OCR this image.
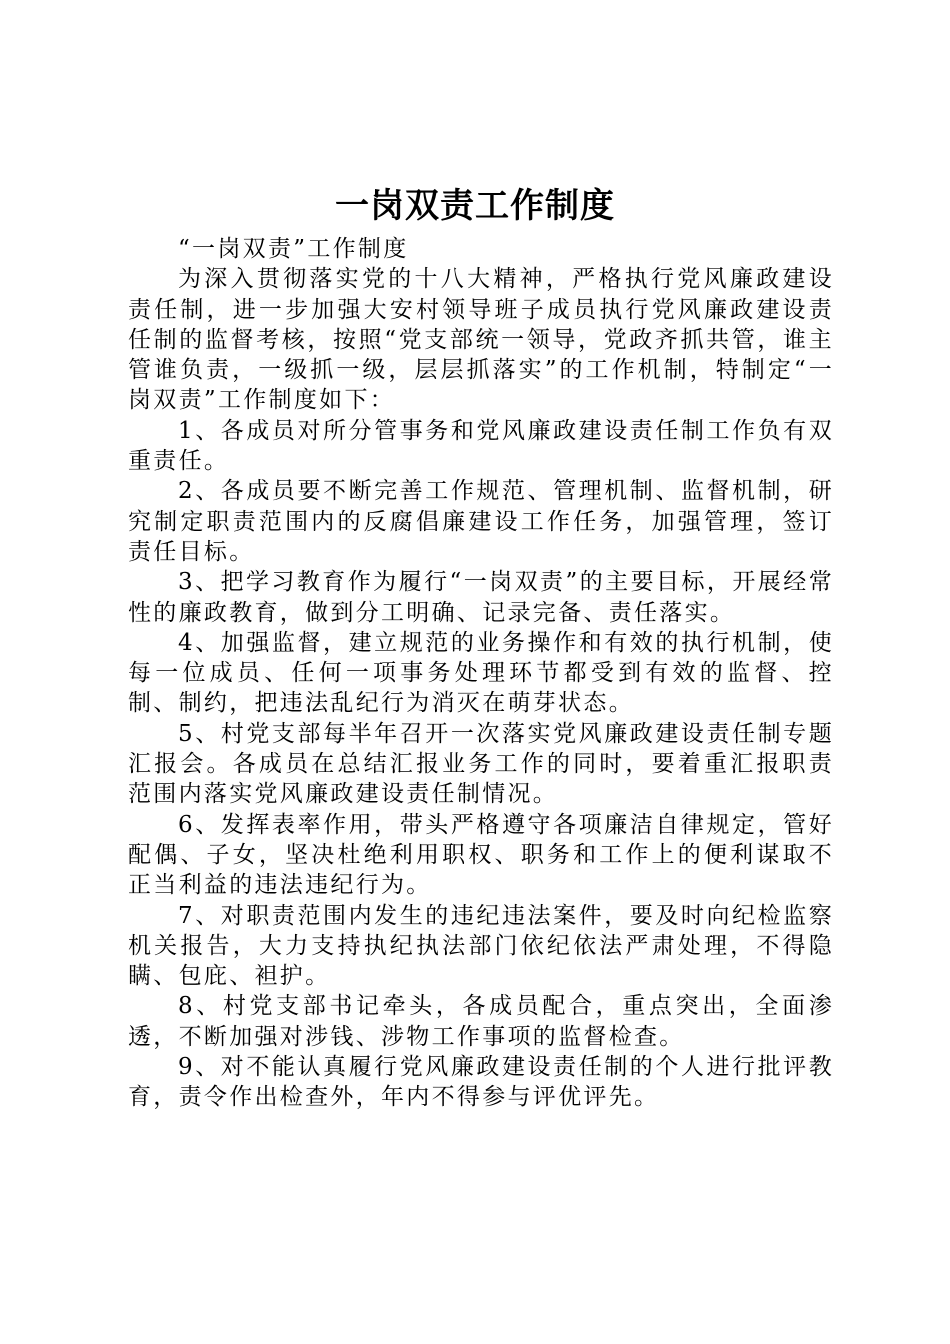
一岗双责工作制度

“一岗双责”工作制度

为深入贯彻落实党的十八大精神，严格执行党风廉政建设责任制，进一步加强大安村领导班子成员执行党风廉政建设责任制的监督考核，按照“党支部统一领导，党政齐抓共管，谁主管谁负责，一级抓一级，层层抓落实”的工作机制，特制定“一岗双责”工作制度如下：

1、各成员对所分管事务和党风廉政建设责任制工作负有双重责任。

2、各成员要不断完善工作规范、管理机制、监督机制，研究制定职责范围内的反腐倡廉建设工作任务，加强管理，签订责任目标。

3、把学习教育作为履行“一岗双责”的主要目标，开展经常性的廉政教育，做到分工明确、记录完备、责任落实。

4、加强监督，建立规范的业务操作和有效的执行机制，使每一位成员、任何一项事务处理环节都受到有效的监督、控制、制约，把违法乱纪行为消灭在萌芽状态。

5、村党支部每半年召开一次落实党风廉政建设责任制专题汇报会。各成员在总结汇报业务工作的同时，要着重汇报职责范围内落实党风廉政建设责任制情况。

6、发挥表率作用，带头严格遵守各项廉洁自律规定，管好配偶、子女，坚决杜绝利用职权、职务和工作上的便利谋取不正当利益的违法违纪行为。

7、对职责范围内发生的违纪违法案件，要及时向纪检监察机关报告，大力支持执纪执法部门依纪依法严肃处理，不得隐瞒、包庇、袒护。

8、村党支部书记牵头，各成员配合，重点突出，全面渗透，不断加强对涉钱、涉物工作事项的监督检查。

9、对不能认真履行党风廉政建设责任制的个人进行批评教育，责令作出检查外，年内不得参与评优评先。
